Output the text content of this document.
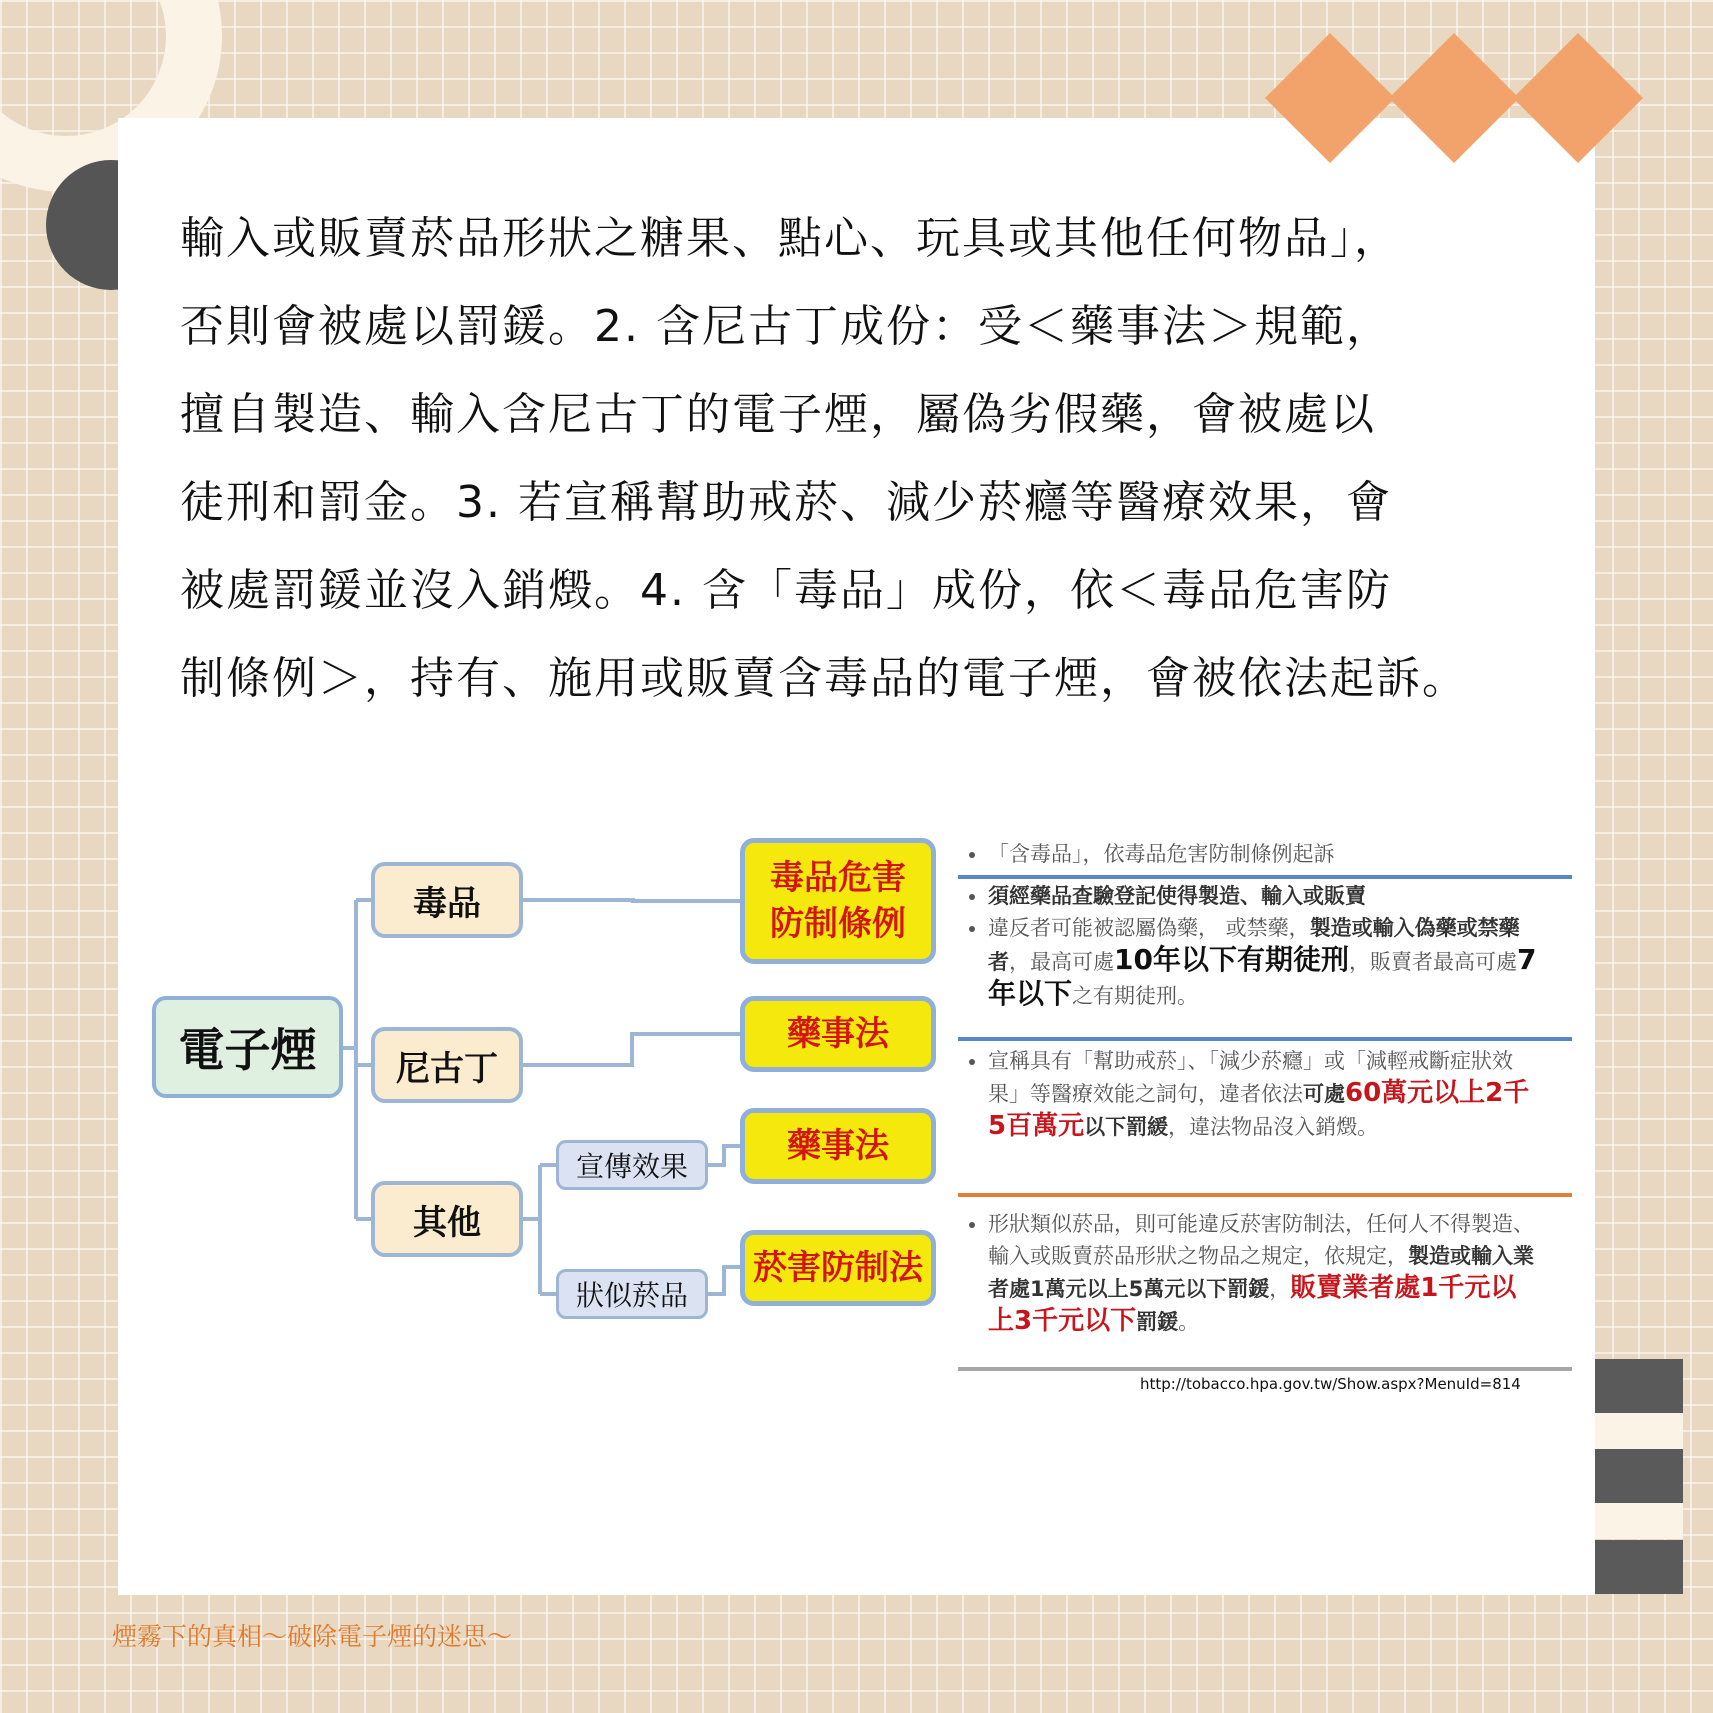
輸入或販賣菸品形狀之糖果、點心、玩具或其他任何物品」，
否則會被處以罰鍰。2. 含尼古丁成份：受＜藥事法＞規範，
擅自製造、輸入含尼古丁的電子煙，屬偽劣假藥，會被處以
徒刑和罰金。3. 若宣稱幫助戒菸、減少菸癮等醫療效果，會
被處罰鍰並沒入銷燬。4. 含「毒品」成份，依＜毒品危害防
制條例＞，持有、施用或販賣含毒品的電子煙，會被依法起訴。
電子煙
毒品
尼古丁
其他
宣傳效果
狀似菸品
毒品危害
防制條例
藥事法
藥事法
菸害防制法
• 「含毒品」，依毒品危害防制條例起訴
• 須經藥品查驗登記使得製造、輸入或販賣
• 違反者可能被認屬偽藥， 或禁藥，製造或輸入偽藥或禁藥者，最高可處10年以下有期徒刑，販賣者最高可處7年以下之有期徒刑。
• 宣稱具有「幫助戒菸」、「減少菸癮」或「減輕戒斷症狀效果」等醫療效能之詞句，違者依法可處60萬元以上2千5百萬元以下罰緩，違法物品沒入銷燬。
• 形狀類似菸品，則可能違反菸害防制法，任何人不得製造、輸入或販賣菸品形狀之物品之規定，依規定，製造或輸入業者處1萬元以上5萬元以下罰鍰，販賣業者處1千元以上3千元以下罰鍰。
http://tobacco.hpa.gov.tw/Show.aspx?MenuId=814
煙霧下的真相～破除電子煙的迷思～
